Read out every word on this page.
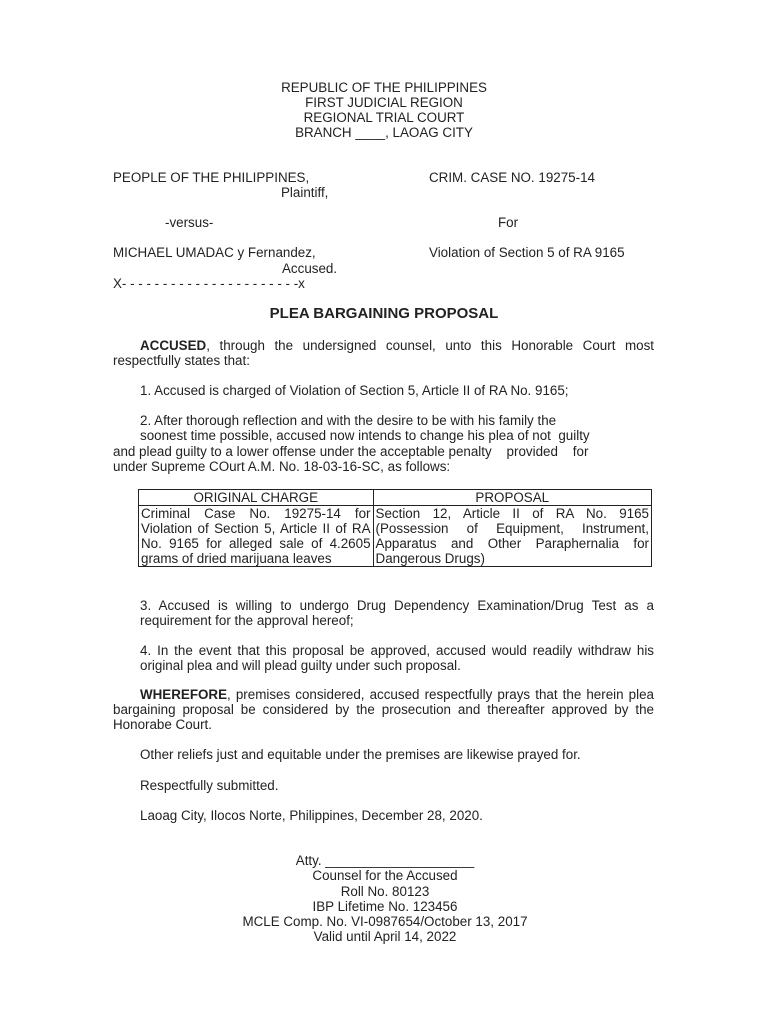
REPUBLIC OF THE PHILIPPINES
FIRST JUDICIAL REGION
REGIONAL TRIAL COURT
BRANCH ____, LAOAG CITY
PEOPLE OF THE PHILIPPINES,
Plaintiff,
CRIM. CASE NO. 19275-14
-versus-	For
MICHAEL UMADAC y Fernandez,
Accused.
Violation of Section 5 of RA 9165
X- - - - - - - - - - - - - - - - - - - - - -x
PLEA BARGAINING PROPOSAL
ACCUSED, through the undersigned counsel, unto this Honorable Court most respectfully states that:
1. Accused is charged of Violation of Section 5, Article II of RA No. 9165;
2. After thorough reflection and with the desire to be with his family the
soonest time possible, accused now intends to change his plea of not  guilty
and plead guilty to a lower offense under the acceptable penalty    provided    for
under Supreme COurt A.M. No. 18-03-16-SC, as follows:
ORIGINAL CHARGE	PROPOSAL
Criminal Case No. 19275-14 for Violation of Section 5, Article II of RA No. 9165 for alleged sale of 4.2605 grams of dried marijuana leaves	Section 12, Article II of RA No. 9165 (Possession of Equipment, Instrument, Apparatus and Other Paraphernalia for Dangerous Drugs)
3. Accused is willing to undergo Drug Dependency Examination/Drug Test as a requirement for the approval hereof;
4. In the event that this proposal be approved, accused would readily withdraw his original plea and will plead guilty under such proposal.
WHEREFORE, premises considered, accused respectfully prays that the herein plea bargaining proposal be considered by the prosecution and thereafter approved by the Honorabe Court.
Other reliefs just and equitable under the premises are likewise prayed for.
Respectfully submitted.
Laoag City, Ilocos Norte, Philippines, December 28, 2020.
Atty. ____________________
Counsel for the Accused
Roll No. 80123
IBP Lifetime No. 123456
MCLE Comp. No. VI-0987654/October 13, 2017
Valid until April 14, 2022
